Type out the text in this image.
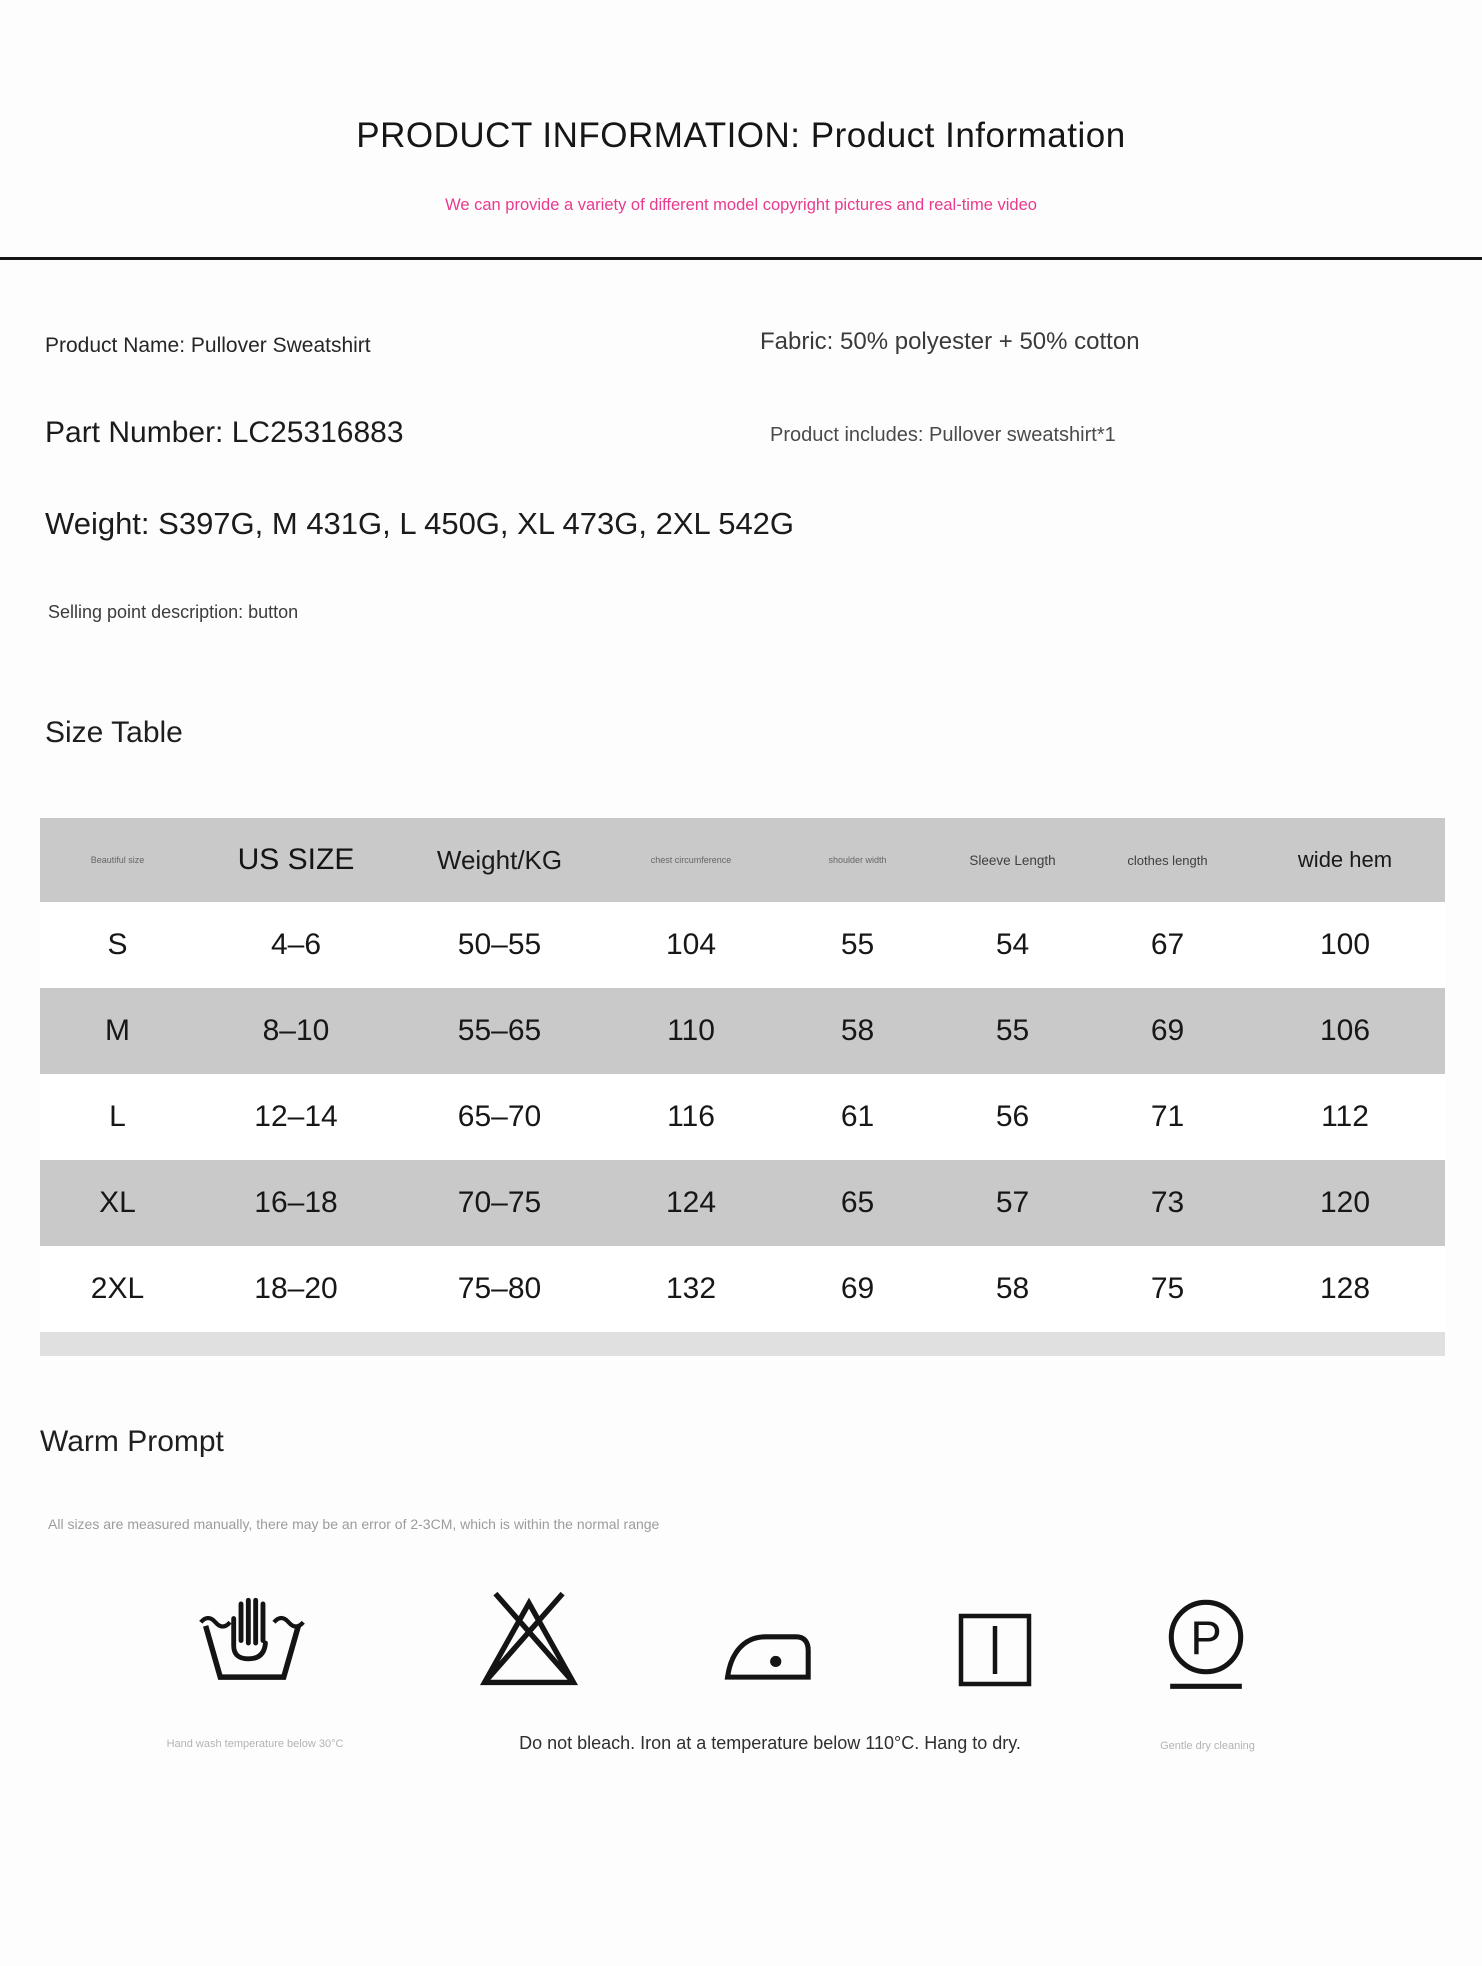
PRODUCT INFORMATION: Product Information
We can provide a variety of different model copyright pictures and real-time video
Product Name: Pullover Sweatshirt	Fabric: 50% polyester + 50% cotton
Part Number: LC25316883	Product includes: Pullover sweatshirt*1
Weight: S397G, M 431G, L 450G, XL 473G, 2XL 542G
Selling point description: button
Size Table
Beautiful size	US SIZE	Weight/KG	chest circumference	shoulder width	Sleeve Length	clothes length	wide hem
S	4–6	50–55	104	55	54	67	100
M	8–10	55–65	110	58	55	69	106
L	12–14	65–70	116	61	56	71	112
XL	16–18	70–75	124	65	57	73	120
2XL	18–20	75–80	132	69	58	75	128
Warm Prompt
All sizes are measured manually, there may be an error of 2-3CM, which is within the normal range
P
Hand wash temperature below 30°C	Do not bleach. Iron at a temperature below 110°C. Hang to dry.	Gentle dry cleaning
